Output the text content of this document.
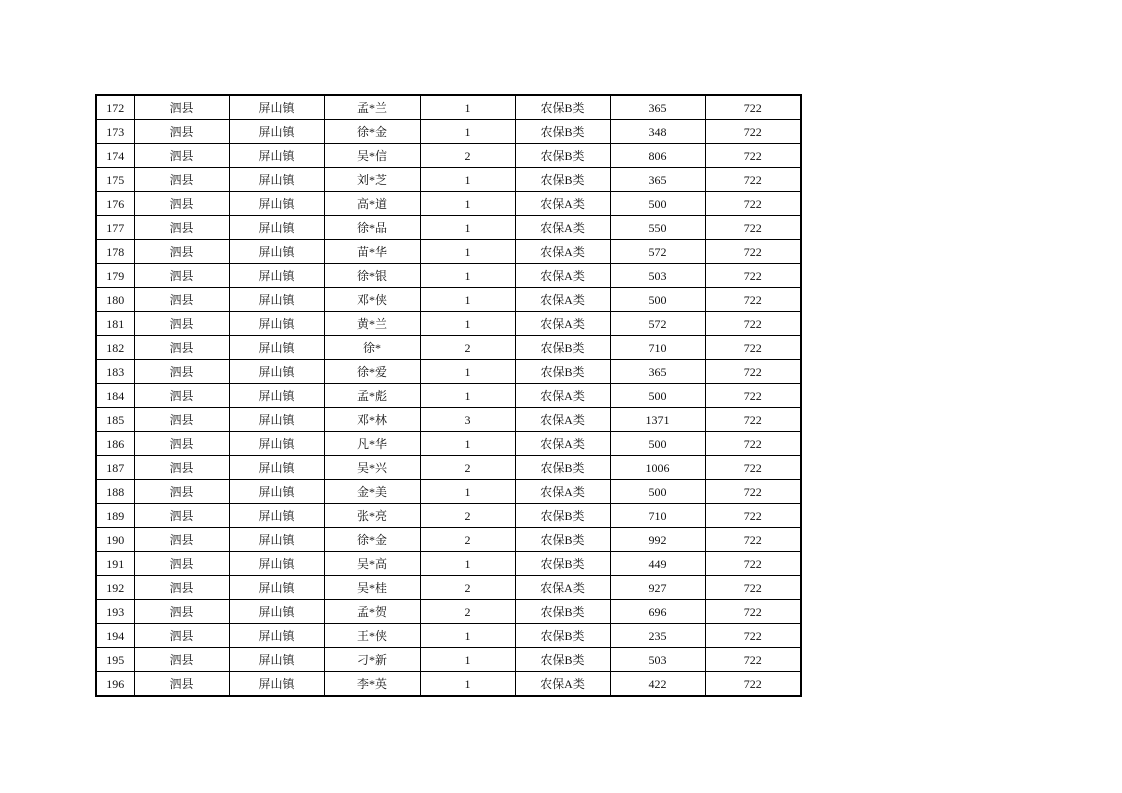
172	泗县	屏山镇	孟*兰	1	农保B类	365	722
173	泗县	屏山镇	徐*金	1	农保B类	348	722
174	泗县	屏山镇	吴*信	2	农保B类	806	722
175	泗县	屏山镇	刘*芝	1	农保B类	365	722
176	泗县	屏山镇	高*道	1	农保A类	500	722
177	泗县	屏山镇	徐*品	1	农保A类	550	722
178	泗县	屏山镇	苗*华	1	农保A类	572	722
179	泗县	屏山镇	徐*银	1	农保A类	503	722
180	泗县	屏山镇	邓*侠	1	农保A类	500	722
181	泗县	屏山镇	黄*兰	1	农保A类	572	722
182	泗县	屏山镇	徐*	2	农保B类	710	722
183	泗县	屏山镇	徐*爱	1	农保B类	365	722
184	泗县	屏山镇	孟*彪	1	农保A类	500	722
185	泗县	屏山镇	邓*林	3	农保A类	1371	722
186	泗县	屏山镇	凡*华	1	农保A类	500	722
187	泗县	屏山镇	吴*兴	2	农保B类	1006	722
188	泗县	屏山镇	金*美	1	农保A类	500	722
189	泗县	屏山镇	张*亮	2	农保B类	710	722
190	泗县	屏山镇	徐*金	2	农保B类	992	722
191	泗县	屏山镇	吴*高	1	农保B类	449	722
192	泗县	屏山镇	吴*桂	2	农保A类	927	722
193	泗县	屏山镇	孟*贺	2	农保B类	696	722
194	泗县	屏山镇	王*侠	1	农保B类	235	722
195	泗县	屏山镇	刁*新	1	农保B类	503	722
196	泗县	屏山镇	李*英	1	农保A类	422	722
